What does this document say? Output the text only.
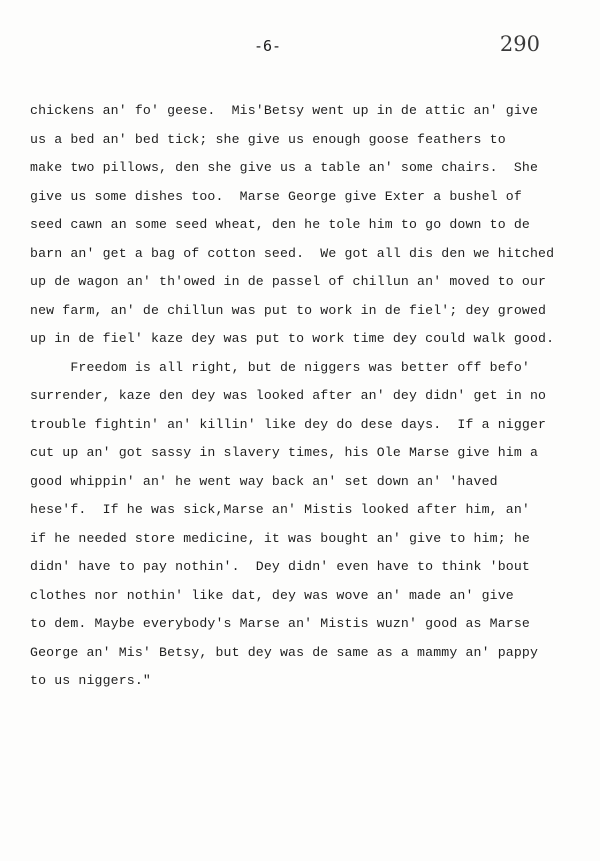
-6-	290
chickens an' fo' geese.  Mis'Betsy went up in de attic an' give
us a bed an' bed tick; she give us enough goose feathers to
make two pillows, den she give us a table an' some chairs.  She
give us some dishes too.  Marse George give Exter a bushel of
seed cawn an some seed wheat, den he tole him to go down to de
barn an' get a bag of cotton seed.  We got all dis den we hitched
up de wagon an' th'owed in de passel of chillun an' moved to our
new farm, an' de chillun was put to work in de fiel'; dey growed
up in de fiel' kaze dey was put to work time dey could walk good.
Freedom is all right, but de niggers was better off befo'
surrender, kaze den dey was looked after an' dey didn' get in no
trouble fightin' an' killin' like dey do dese days.  If a nigger
cut up an' got sassy in slavery times, his Ole Marse give him a
good whippin' an' he went way back an' set down an' 'haved
hese'f.  If he was sick,Marse an' Mistis looked after him, an'
if he needed store medicine, it was bought an' give to him; he
didn' have to pay nothin'.  Dey didn' even have to think 'bout
clothes nor nothin' like dat, dey was wove an' made an' give
to dem. Maybe everybody's Marse an' Mistis wuzn' good as Marse
George an' Mis' Betsy, but dey was de same as a mammy an' pappy
to us niggers."
